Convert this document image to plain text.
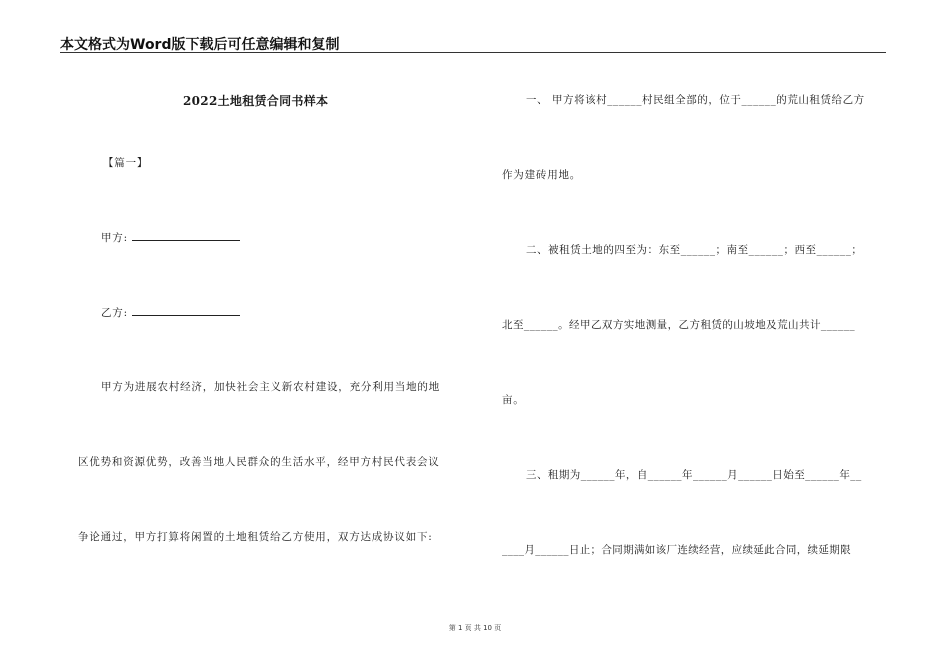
本文格式为Word版下载后可任意编辑和复制
2022土地租赁合同书样本
【篇一】
甲方:
乙方:
甲方为进展农村经济，加快社会主义新农村建设，充分利用当地的地
区优势和资源优势，改善当地人民群众的生活水平，经甲方村民代表会议
争论通过，甲方打算将闲置的土地租赁给乙方使用，双方达成协议如下:
一、 甲方将该村______村民组全部的，位于______的荒山租赁给乙方
作为建砖用地。
二、被租赁土地的四至为：东至______；南至______；西至______；
北至______。经甲乙双方实地测量，乙方租赁的山坡地及荒山共计______
亩。
三、租期为______年，自______年______月______日始至______年__
____月______日止；合同期满如该厂连续经营，应续延此合同，续延期限
第 1 页 共 10 页
